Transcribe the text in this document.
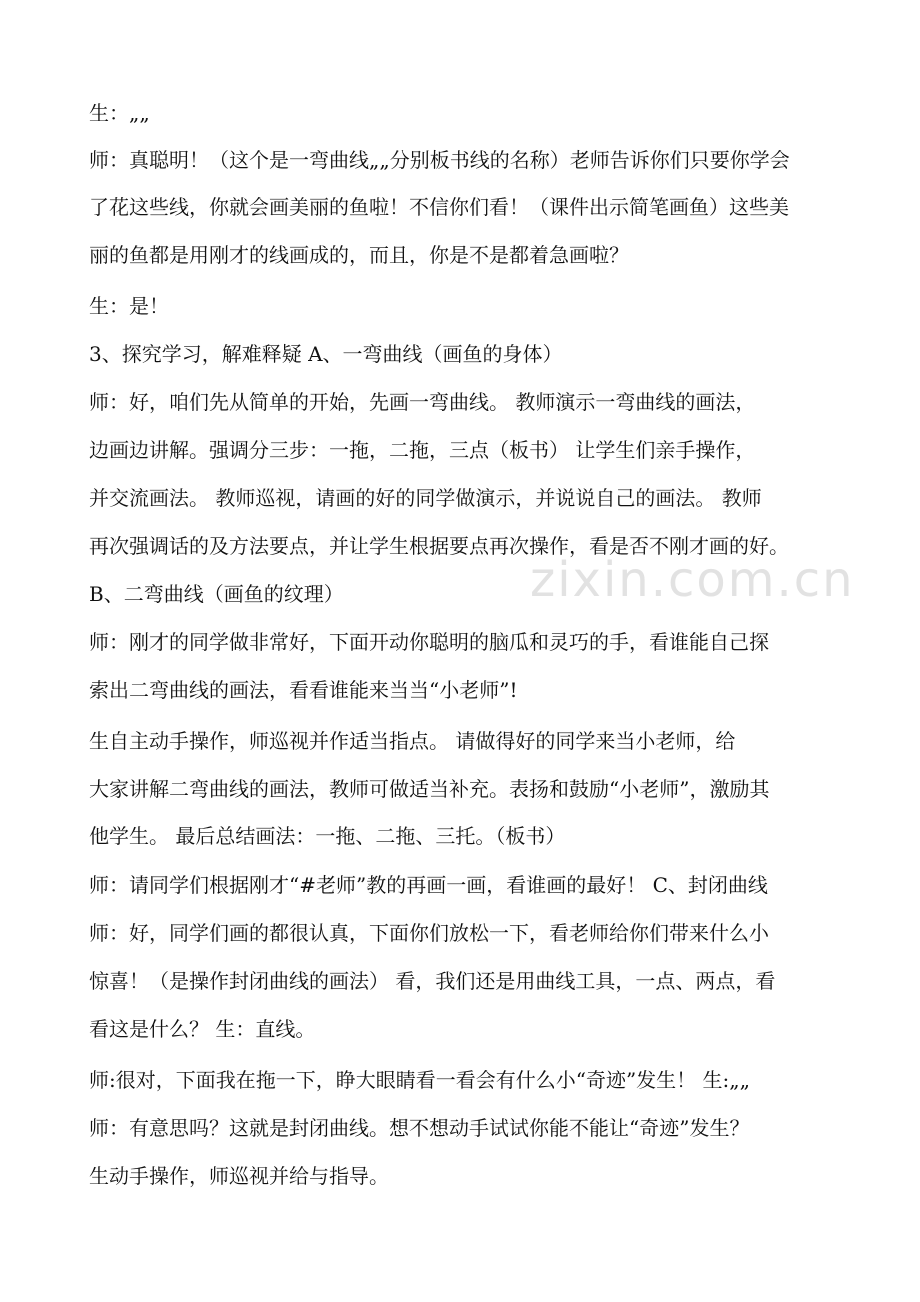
zixin.com.cn
生：„„
师：真聪明！（这个是一弯曲线„„分别板书线的名称）老师告诉你们只要你学会
了花这些线，你就会画美丽的鱼啦！不信你们看！（课件出示简笔画鱼）这些美
丽的鱼都是用刚才的线画成的，而且，你是不是都着急画啦？
生：是！
3、探究学习，解难释疑 A、一弯曲线（画鱼的身体）
师：好，咱们先从简单的开始，先画一弯曲线。 教师演示一弯曲线的画法，
边画边讲解。强调分三步：一拖，二拖，三点（板书） 让学生们亲手操作，
并交流画法。 教师巡视，请画的好的同学做演示，并说说自己的画法。 教师
再次强调话的及方法要点，并让学生根据要点再次操作，看是否不刚才画的好。
B、二弯曲线（画鱼的纹理）
师：刚才的同学做非常好，下面开动你聪明的脑瓜和灵巧的手，看谁能自己探
索出二弯曲线的画法，看看谁能来当当“小老师”!
生自主动手操作，师巡视并作适当指点。 请做得好的同学来当小老师，给
大家讲解二弯曲线的画法，教师可做适当补充。表扬和鼓励“小老师”，激励其
他学生。 最后总结画法：一拖、二拖、三托。（板书）
师：请同学们根据刚才“#老师”教的再画一画，看谁画的最好！ C、封闭曲线
师：好，同学们画的都很认真，下面你们放松一下，看老师给你们带来什么小
惊喜！（是操作封闭曲线的画法） 看，我们还是用曲线工具，一点、两点，看
看这是什么？ 生：直线。
师:很对，下面我在拖一下，睁大眼睛看一看会有什么小“奇迹”发生！ 生:„„
师：有意思吗？这就是封闭曲线。想不想动手试试你能不能让“奇迹”发生？
生动手操作，师巡视并给与指导。
